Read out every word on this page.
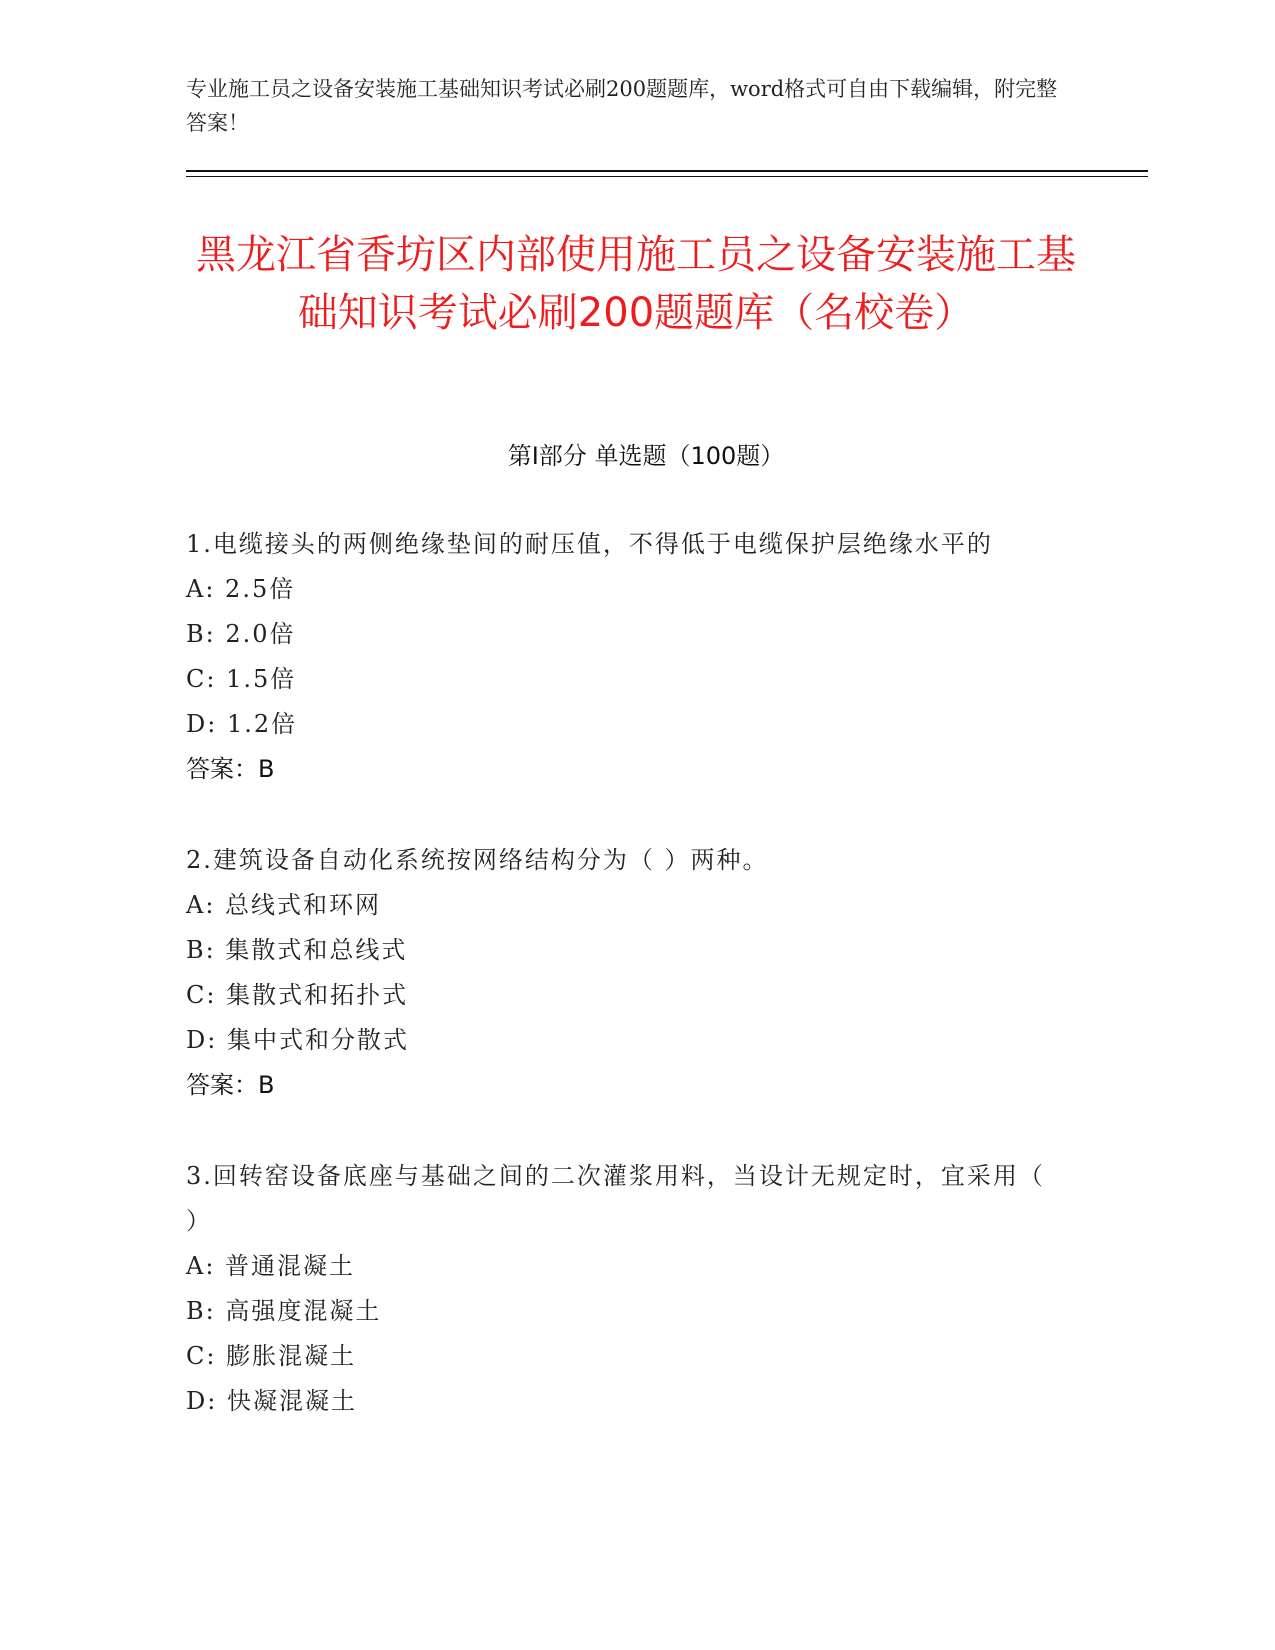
专业施工员之设备安装施工基础知识考试必刷200题题库，word格式可自由下载编辑，附完整答案！
黑龙江省香坊区内部使用施工员之设备安装施工基础知识考试必刷200题题库（名校卷）
第I部分 单选题（100题）
1.电缆接头的两侧绝缘垫间的耐压值，不得低于电缆保护层绝缘水平的
A: 2.5倍
B: 2.0倍
C: 1.5倍
D: 1.2倍
答案：B
2.建筑设备自动化系统按网络结构分为（ ）两种。
A: 总线式和环网
B: 集散式和总线式
C: 集散式和拓扑式
D: 集中式和分散式
答案：B
3.回转窑设备底座与基础之间的二次灌浆用料，当设计无规定时，宜采用（ ）
A: 普通混凝土
B: 高强度混凝土
C: 膨胀混凝土
D: 快凝混凝土
